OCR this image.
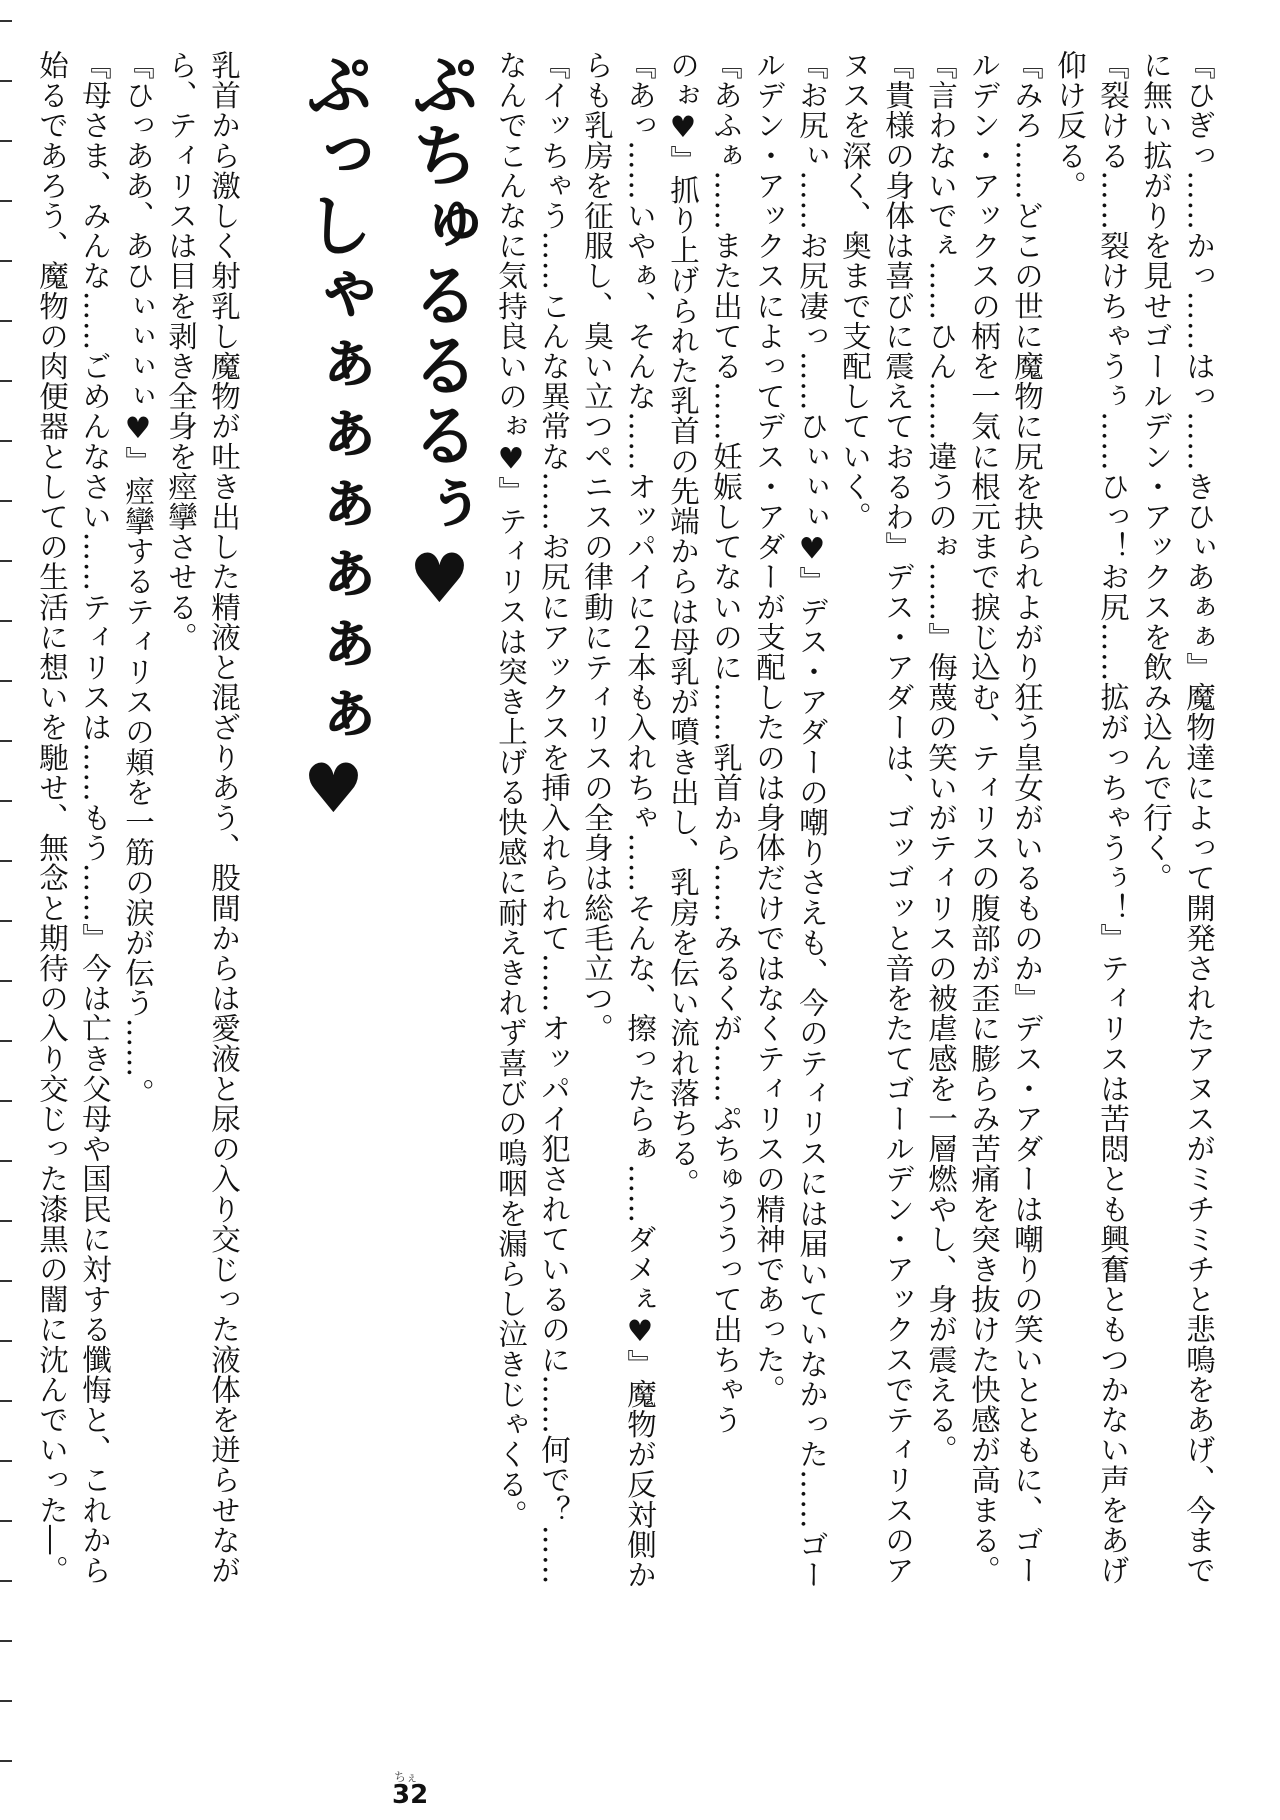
『ひぎっ……かっ……はっ……きひぃあぁぁ』魔物達によって開発されたアヌスがミチミチと悲鳴をあげ、今まで
に無い拡がりを見せゴールデン・アックスを飲み込んで行く。
『裂ける……裂けちゃうぅ……ひっ！お尻……拡がっちゃうぅ！』ティリスは苦悶とも興奮ともつかない声をあげ
仰け反る。
『みろ……どこの世に魔物に尻を抉られよがり狂う皇女がいるものか』デス・アダーは嘲りの笑いとともに、ゴー
ルデン・アックスの柄を一気に根元まで捩じ込む、ティリスの腹部が歪に膨らみ苦痛を突き抜けた快感が高まる。
『言わないでぇ……ひん……違うのぉ……』侮蔑の笑いがティリスの被虐感を一層燃やし、身が震える。
『貴様の身体は喜びに震えておるわ』デス・アダーは、ゴッゴッと音をたてゴールデン・アックスでティリスのア
ヌスを深く、奥まで支配していく。
『お尻ぃ……お尻凄っ……ひぃぃぃ♥』デス・アダーの嘲りさえも、今のティリスには届いていなかった……ゴー
ルデン・アックスによってデス・アダーが支配したのは身体だけではなくティリスの精神であった。
『あふぁ……また出てる……妊娠してないのに……乳首から……みるくが……ぷちゅううって出ちゃう
のぉ♥』抓り上げられた乳首の先端からは母乳が噴き出し、乳房を伝い流れ落ちる。
『あっ……いやぁ、そんな……オッパイに２本も入れちゃ……そんな、擦ったらぁ……ダメぇ♥』魔物が反対側か
らも乳房を征服し、臭い立つペニスの律動にティリスの全身は総毛立つ。
『イッちゃう……こんな異常な……お尻にアックスを挿入れられて……オッパイ犯されているのに……何で？……
なんでこんなに気持良いのぉ♥』ティリスは突き上げる快感に耐えきれず喜びの嗚咽を漏らし泣きじゃくる。
ぷちゅるるるぅ♥
ぷっしゃぁぁぁぁぁぁ♥
乳首から激しく射乳し魔物が吐き出した精液と混ざりあう、股間からは愛液と尿の入り交じった液体を迸らせなが
ら、ティリスは目を剥き全身を痙攣させる。
『ひっああ、あひぃぃぃぃ♥』痙攣するティリスの頬を一筋の涙が伝う……。
『母さま、みんな……ごめんなさい……ティリスは……もう……』今は亡き父母や国民に対する懺悔と、これから
始るであろう、魔物の肉便器としての生活に想いを馳せ、無念と期待の入り交じった漆黒の闇に沈んでいった―。
ちぇ
32
